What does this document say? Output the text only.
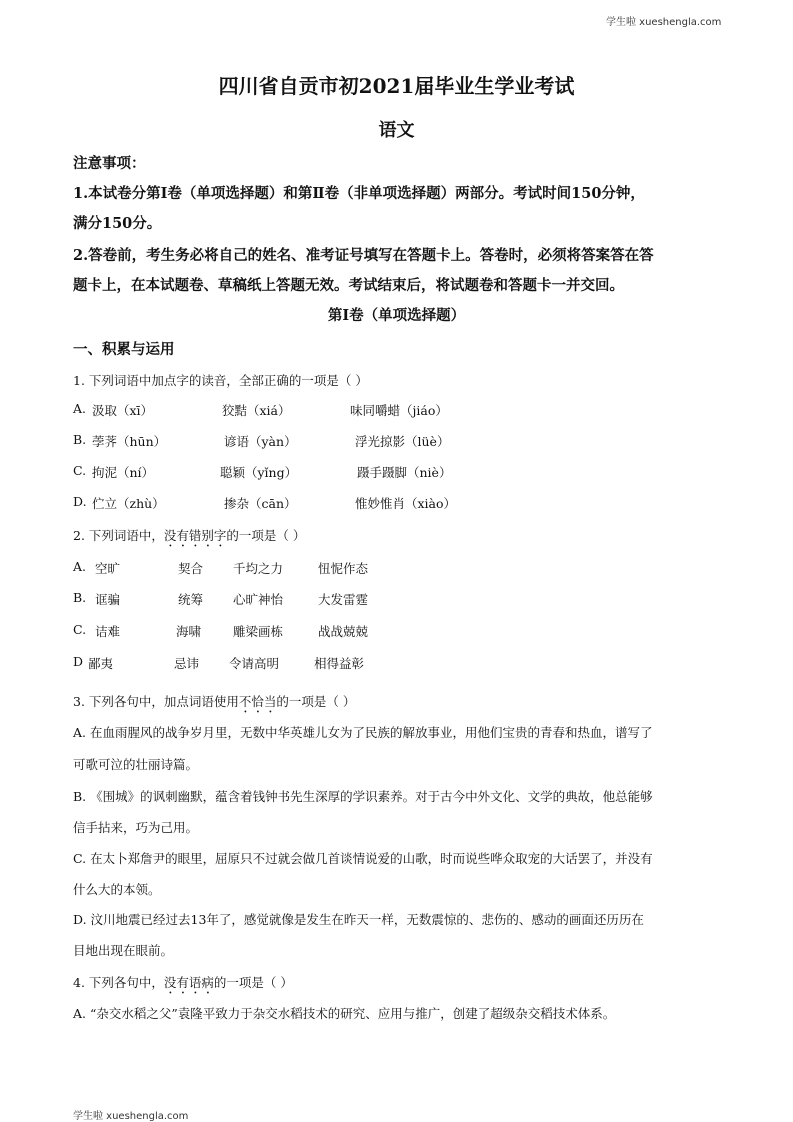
学生啦 xueshengla.com
四川省自贡市初2021届毕业生学业考试
语文
注意事项：
1.本试卷分第Ⅰ卷（单项选择题）和第Ⅱ卷（非单项选择题）两部分。考试时间150分钟，
满分150分。
2.答卷前，考生务必将自己的姓名、准考证号填写在答题卡上。答卷时，必须将答案答在答
题卡上，在本试题卷、草稿纸上答题无效。考试结束后，将试题卷和答题卡一并交回。
第Ⅰ卷（单项选择题）
一、积累与运用
1. 下列词语中加点字的读音，全部正确的一项是（ ）
A. 汲取（xī）	狡黠（xiá）	味同嚼蜡（jiáo）
B. 荸荠（hūn）	谚语（yàn）	浮光掠影（lüè）
C. 拘泥（ní）	聪颖（yǐng）	蹑手蹑脚（niè）
D. 伫立（zhù）	掺杂（cān）	惟妙惟肖（xiào）
2. 下列词语中，没有错别字的一项是（ ）
A. 空旷	契合 千均之力	忸怩作态
B. 诓骗	统筹 心旷神怡	大发雷霆
C. 诘难	海啸	雕梁画栋	战战兢兢
D 鄙夷	忌讳 令请高明	相得益彰
3. 下列各句中，加点词语使用不恰当的一项是（ ）
A. 在血雨腥风的战争岁月里，无数中华英雄儿女为了民族的解放事业，用他们宝贵的青春和热血，谱写了
可歌可泣的壮丽诗篇。
B. 《围城》的讽刺幽默，蕴含着钱钟书先生深厚的学识素养。对于古今中外文化、文学的典故，他总能够
信手拈来，巧为己用。
C. 在太卜郑詹尹的眼里，屈原只不过就会做几首谈情说爱的山歌，时而说些哗众取宠的大话罢了，并没有
什么大的本领。
D. 汶川地震已经过去13年了，感觉就像是发生在昨天一样，无数震惊的、悲伤的、感动的画面还历历在
目地出现在眼前。
4. 下列各句中，没有语病的一项是（ ）
A. “杂交水稻之父”袁隆平致力于杂交水稻技术的研究、应用与推广，创建了超级杂交稻技术体系。
学生啦 xueshengla.com
